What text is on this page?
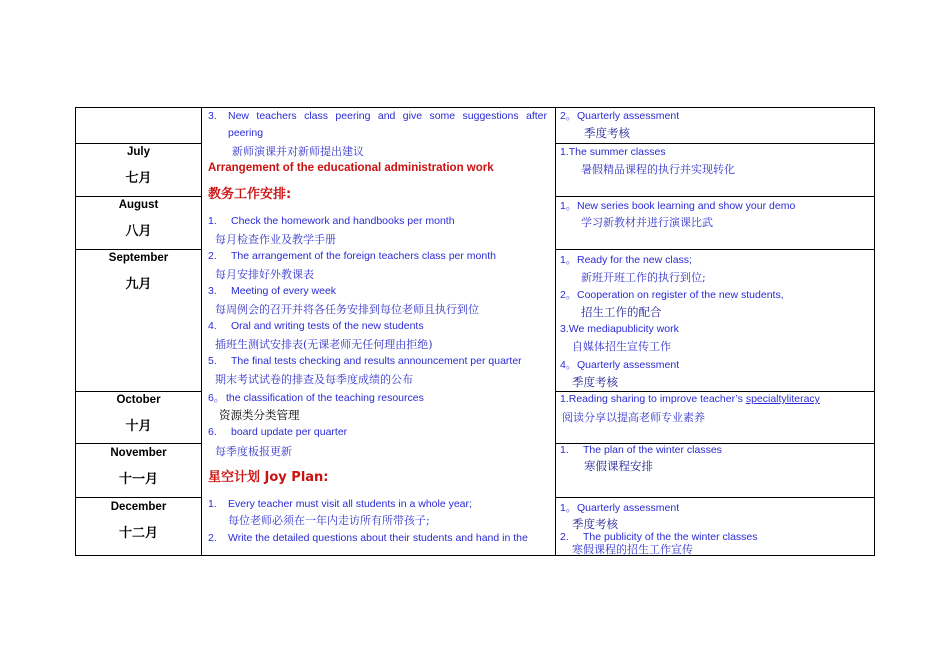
July
七月
August
八月
September
九月
October
十月
November
十一月
December
十二月
3. New teachers class peering and give some suggestions after
peering
新师演课并对新师提出建议
Arrangement of the educational administration work
教务工作安排:
1. Check the homework and handbooks per month
每月检查作业及教学手册
2. The arrangement of the foreign teachers class per month
每月安排好外教课表
3. Meeting of every week
每周例会的召开并将各任务安排到每位老师且执行到位
4. Oral and writing tests of the new students
插班生测试安排表(无课老师无任何理由拒绝)
5. The final tests checking and results announcement per quarter
期末考试试卷的排查及每季度成绩的公布
6。 the classification of the teaching resources
资源类分类管理
6. board update per quarter
每季度板报更新
星空计划 Joy Plan:
1. Every teacher must visit all students in a whole year;
每位老师必须在一年内走访所有所带孩子;
2. Write the detailed questions about their students and hand in the
2。 Quarterly assessment
季度考核
1.The summer classes
暑假精品课程的执行并实现转化
1。 New series book learning and show your demo
学习新教材并进行演课比武
1。 Ready for the new class;
新班开班工作的执行到位;
2。 Cooperation on register of the new students,
招生工作的配合
3.We mediapublicity work
自媒体招生宣传工作
4。 Quarterly assessment
季度考核
1.Reading sharing to improve teacher’s specialtyliteracy
阅读分享以提高老师专业素养
1. The plan of the winter classes
寒假课程安排
1。 Quarterly assessment
季度考核
2. The publicity of the the winter classes
寒假课程的招生工作宣传
